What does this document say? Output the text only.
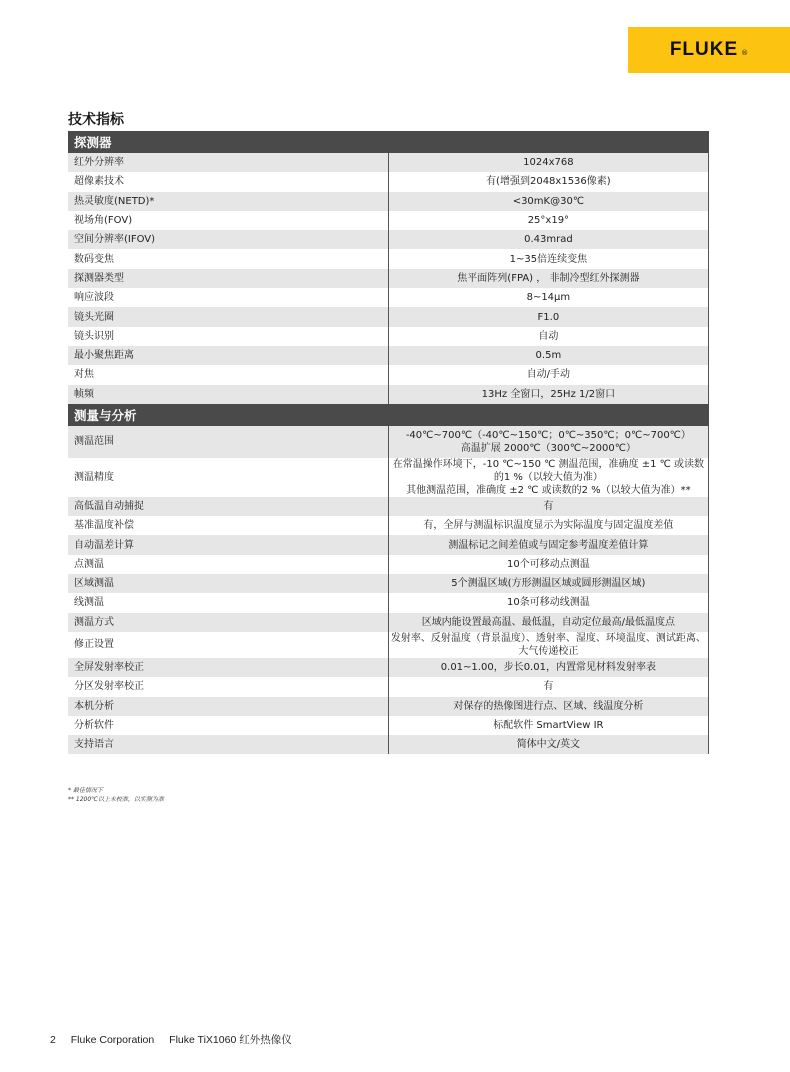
FLUKE ®
技术指标
探测器	
红外分辨率	1024x768
超像素技术	有(增强到2048x1536像素)
热灵敏度(NETD)*	<30mK@30℃
视场角(FOV)	25°x19°
空间分辨率(IFOV)	0.43mrad
数码变焦	1~35倍连续变焦
探测器类型	焦平面阵列(FPA) ， 非制冷型红外探测器
响应波段	8~14μm
镜头光圈	F1.0
镜头识别	自动
最小聚焦距离	0.5m
对焦	自动/手动
帧频	13Hz 全窗口，25Hz 1/2窗口
测量与分析	
测温范围	-40℃~700℃（-40℃~150℃；0℃~350℃；0℃~700℃）
高温扩展 2000℃（300℃~2000℃）

测温精度	在常温操作环境下，-10 ℃~150 ℃ 测温范围，准确度 ±1 ℃ 或读数的1 %（以较大值为准）
其他测温范围，准确度 ±2 ℃ 或读数的2 %（以较大值为准）**

高低温自动捕捉	有
基准温度补偿	有，全屏与测温标识温度显示为实际温度与固定温度差值
自动温差计算	测温标记之间差值或与固定参考温度差值计算
点测温	10个可移动点测温
区域测温	5个测温区域(方形测温区域或圆形测温区域)
线测温	10条可移动线测温
测温方式	区域内能设置最高温、最低温，自动定位最高/最低温度点
修正设置	发射率、反射温度（背景温度）、透射率、湿度、环境温度、测试距离、大气传递校正
全屏发射率校正	0.01~1.00，步长0.01，内置常见材料发射率表
分区发射率校正	有
本机分析	对保存的热像图进行点、区域、线温度分析
分析软件	标配软件 SmartView IR
支持语言	简体中文/英文
* 最佳情况下
** 1200℃以上未校准，以实测为准
2 Fluke Corporation Fluke TiX1060 红外热像仪
